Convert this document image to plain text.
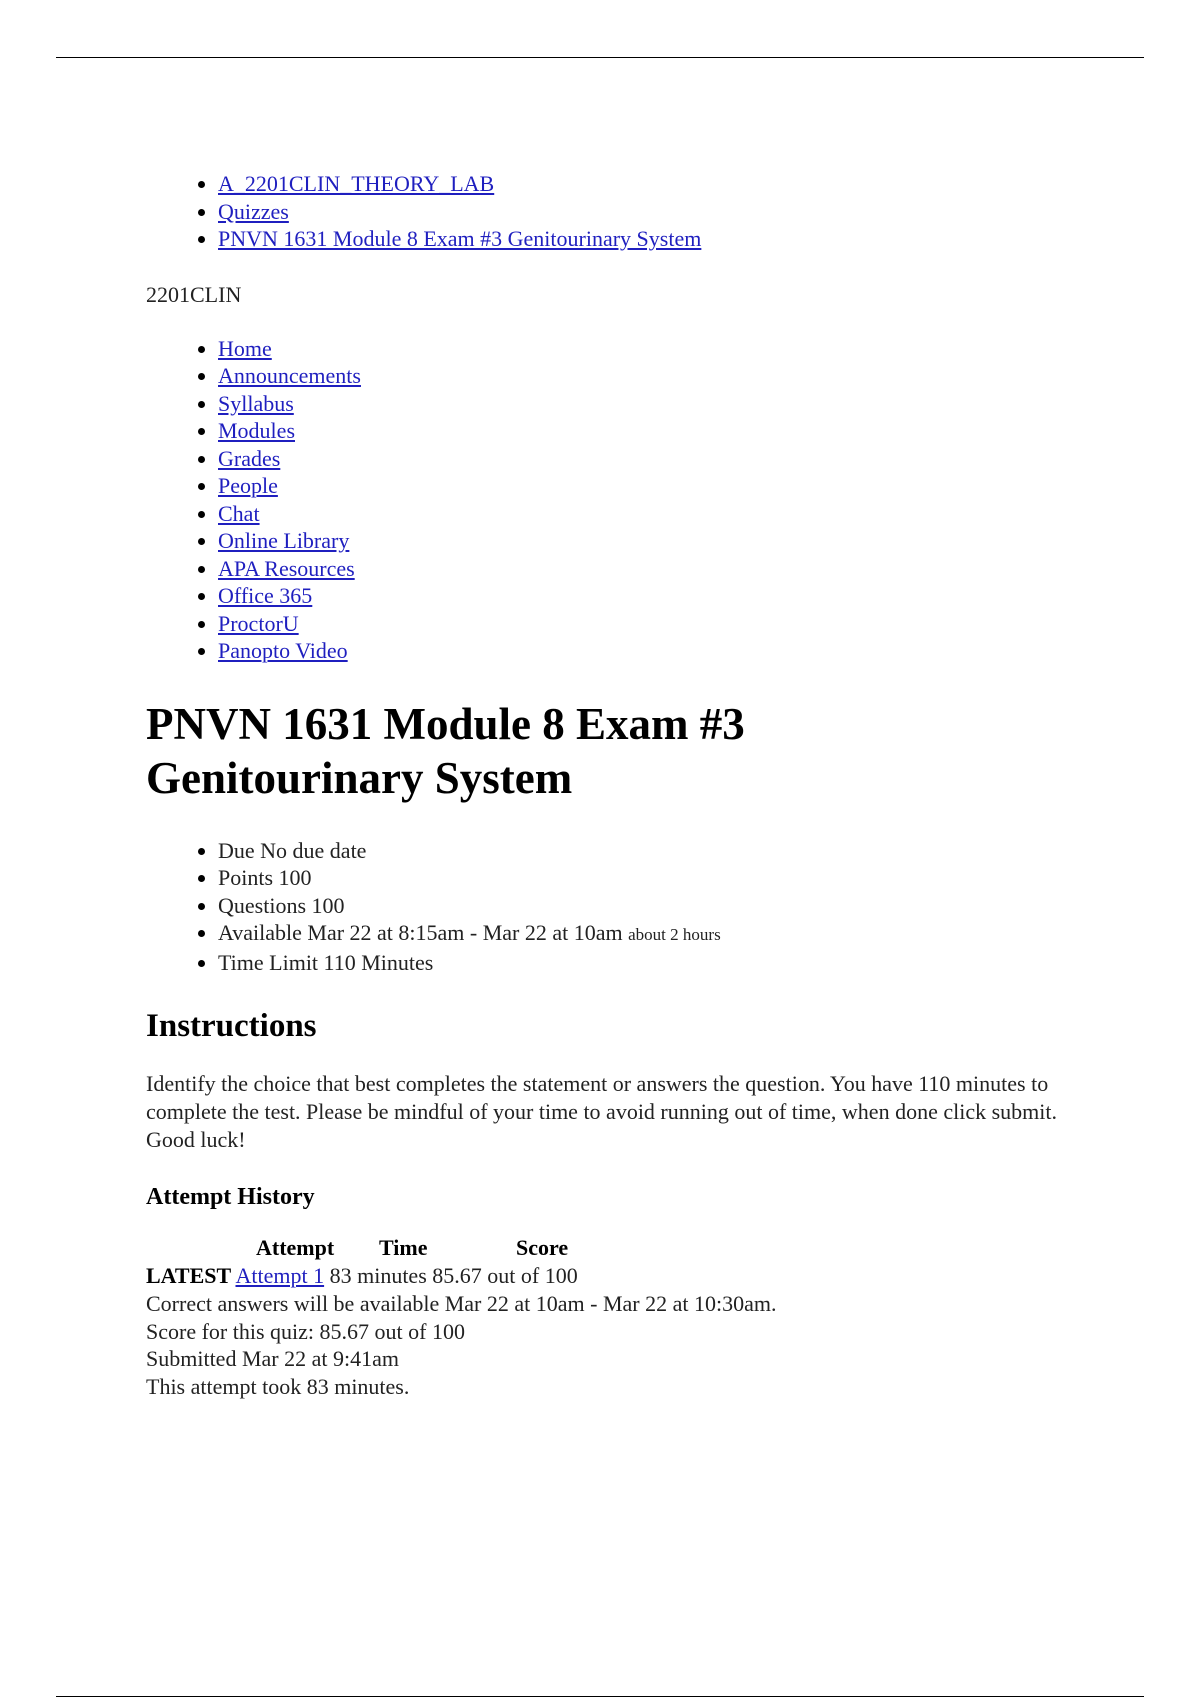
• A_2201CLIN_THEORY_LAB
• Quizzes
• PNVN 1631 Module 8 Exam #3 Genitourinary System
2201CLIN
• Home
• Announcements
• Syllabus
• Modules
• Grades
• People
• Chat
• Online Library
• APA Resources
• Office 365
• ProctorU
• Panopto Video
PNVN 1631 Module 8 Exam #3 Genitourinary System
• Due No due date
• Points 100
• Questions 100
• Available Mar 22 at 8:15am - Mar 22 at 10am about 2 hours
• Time Limit 110 Minutes
Instructions

Identify the choice that best completes the statement or answers the question. You have 110 minutes to complete the test. Please be mindful of your time to avoid running out of time, when done click submit. Good luck!

Attempt History
Attempt Time	Score
LATEST Attempt 1 83 minutes 85.67 out of 100
Correct answers will be available Mar 22 at 10am - Mar 22 at 10:30am.
Score for this quiz: 85.67 out of 100
Submitted Mar 22 at 9:41am
This attempt took 83 minutes.
